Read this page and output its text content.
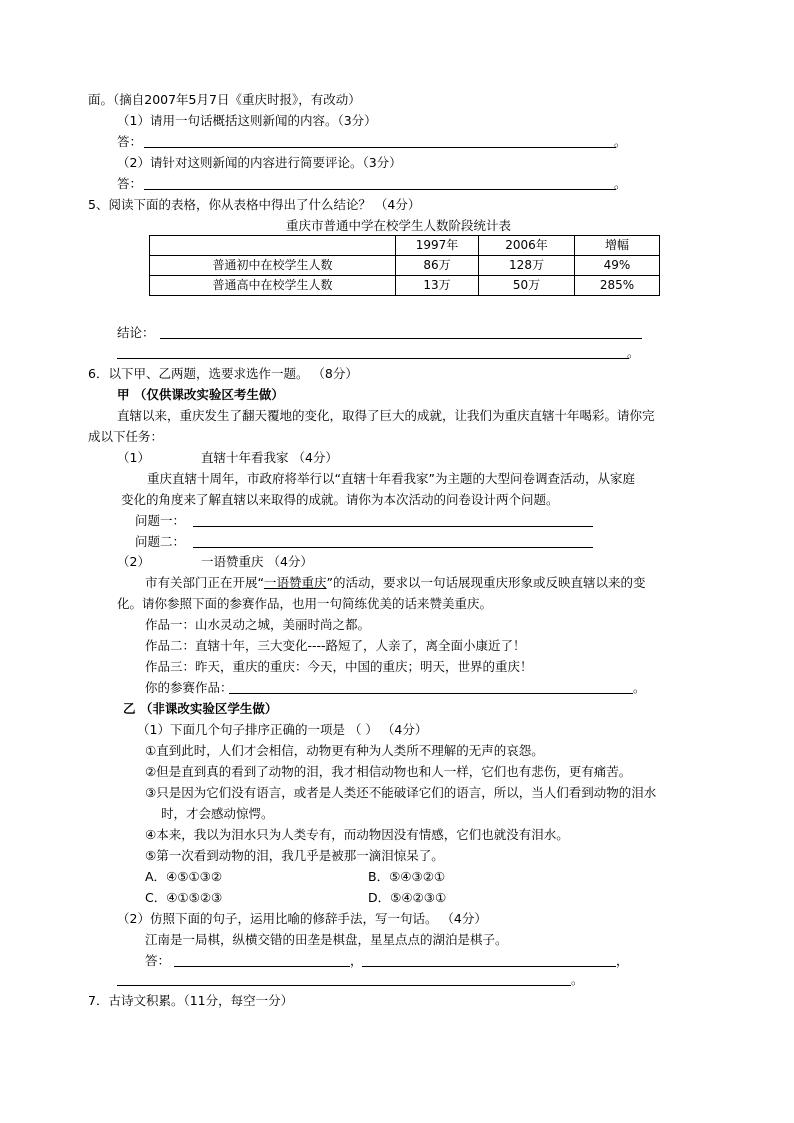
面。（摘自2007年5月7日《重庆时报》，有改动）
（1）请用一句话概括这则新闻的内容。（3分）
答：	。
（2）请针对这则新闻的内容进行简要评论。（3分）
答：	。
5、阅读下面的表格，你从表格中得出了什么结论？ （4分）
重庆市普通中学在校学生人数阶段统计表
	1997年	2006年	增幅
普通初中在校学生人数	86万	128万	49%
普通高中在校学生人数	13万	50万	285%
结论：
。
6．以下甲、乙两题，选要求选作一题。 （8分）
甲 （仅供课改实验区考生做）
直辖以来，重庆发生了翻天覆地的变化，取得了巨大的成就，让我们为重庆直辖十年喝彩。请你完
成以下任务：
（1）	直辖十年看我家 （4分）
重庆直辖十周年，市政府将举行以“直辖十年看我家”为主题的大型问卷调查活动，从家庭
变化的角度来了解直辖以来取得的成就。请你为本次活动的问卷设计两个问题。
问题一：
问题二：
（2）	一语赞重庆 （4分）
市有关部门正在开展“一语赞重庆”的活动，要求以一句话展现重庆形象或反映直辖以来的变
化。请你参照下面的参赛作品，也用一句简练优美的话来赞美重庆。
作品一：山水灵动之城，美丽时尚之都。
作品二：直辖十年，三大变化----路短了，人亲了，离全面小康近了！
作品三：昨天，重庆的重庆：今天，中国的重庆；明天，世界的重庆！
你的参赛作品：	。
乙 （非课改实验区学生做）
（1）下面几个句子排序正确的一项是 （ ） （4分）
①直到此时，人们才会相信，动物更有种为人类所不理解的无声的哀怨。
②但是直到真的看到了动物的泪，我才相信动物也和人一样，它们也有悲伤，更有痛苦。
③只是因为它们没有语言，或者是人类还不能破译它们的语言，所以，当人们看到动物的泪水
时，才会感动惊愕。
④本来，我以为泪水只为人类专有，而动物因没有情感，它们也就没有泪水。
⑤第一次看到动物的泪，我几乎是被那一滴泪惊呆了。
A．④⑤①③②	B．⑤④③②①
C．④①⑤②③	D．⑤④②③①
（2）仿照下面的句子，运用比喻的修辞手法，写一句话。 （4分）
江南是一局棋，纵横交错的田垄是棋盘，星星点点的湖泊是棋子。
答：	，	，
。
7．古诗文积累。（11分，每空一分）
